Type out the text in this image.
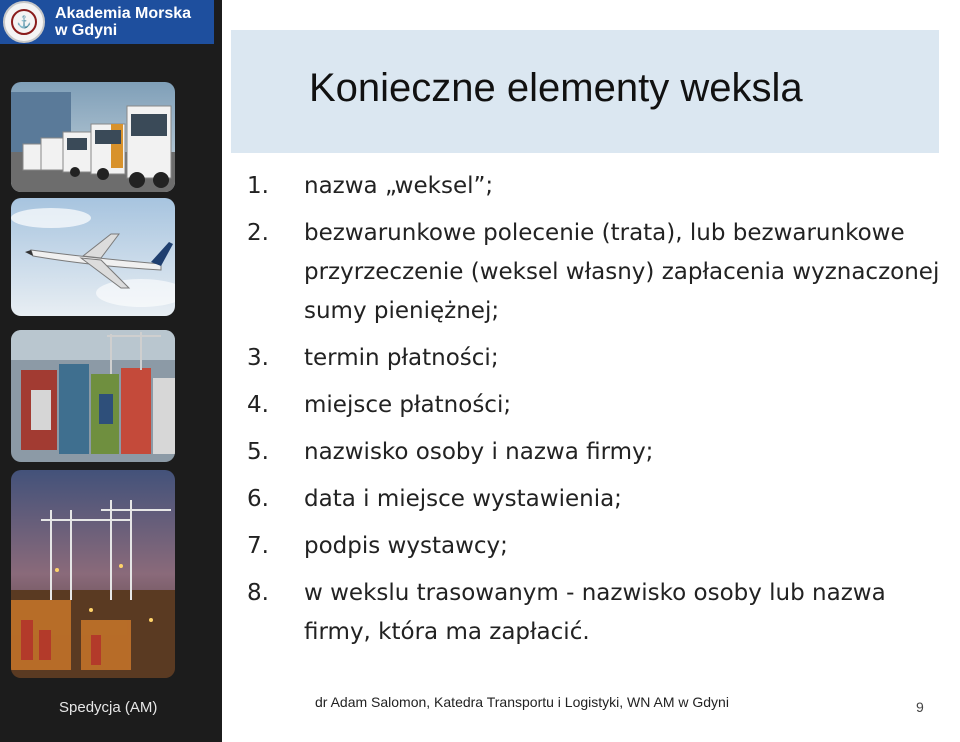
⚓	Akademia Morska
w Gdyni
Spedycja (AM)
Konieczne elementy weksla
1.	nazwa „weksel”;
2.	bezwarunkowe polecenie (trata), lub bezwarunkowe przyrzeczenie (weksel własny) zapłacenia wyznaczonej sumy pieniężnej;
3.	termin płatności;
4.	miejsce płatności;
5.	nazwisko osoby i nazwa firmy;
6.	data i miejsce wystawienia;
7.	podpis wystawcy;
8.	w wekslu trasowanym - nazwisko osoby lub nazwa firmy, która ma zapłacić.
dr Adam Salomon, Katedra Transportu i Logistyki, WN AM w Gdyni	9
